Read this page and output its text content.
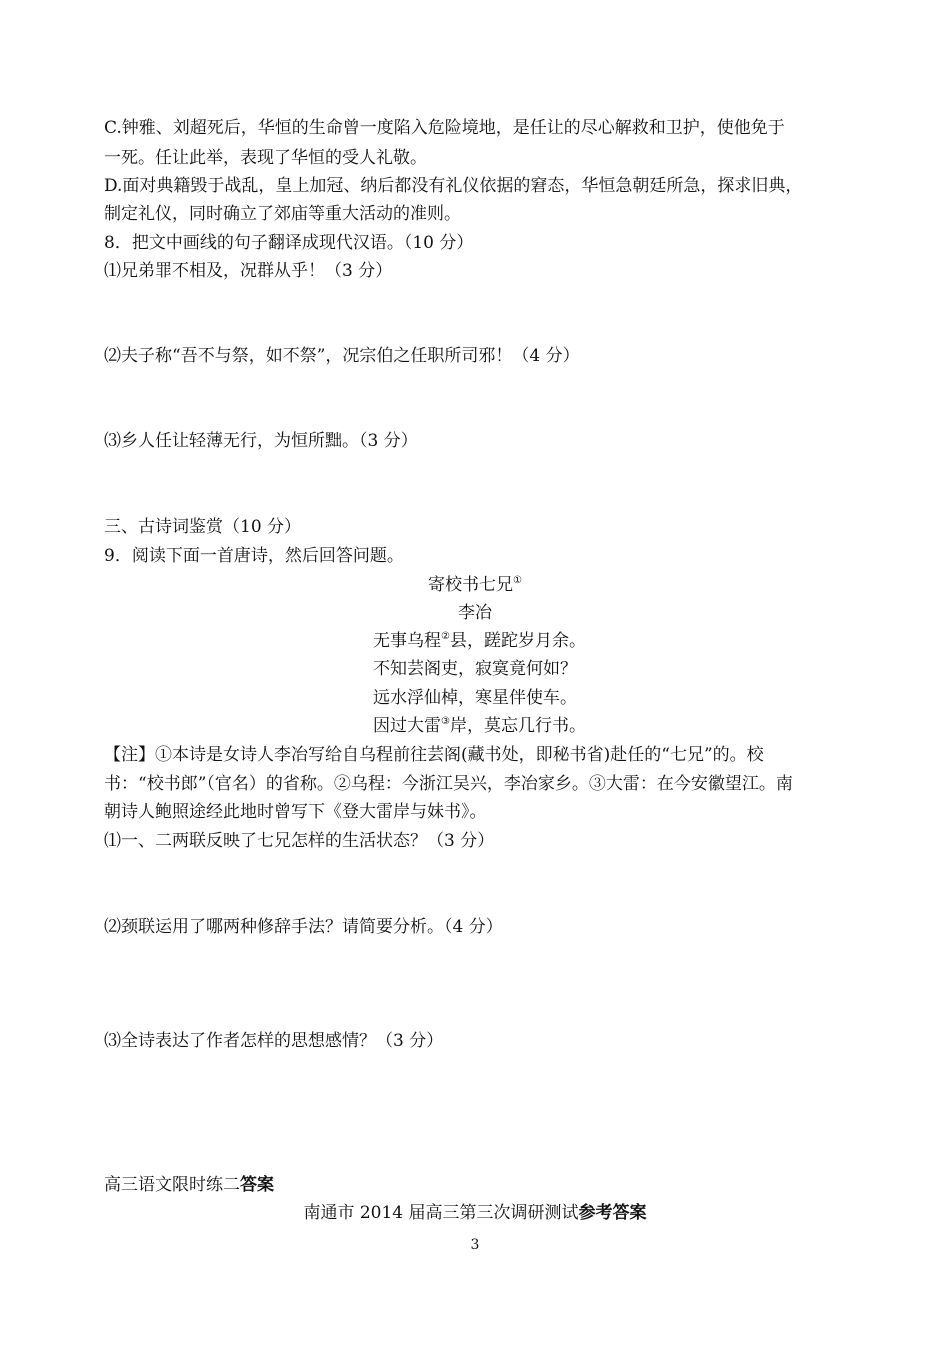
C.钟雅、刘超死后，华恒的生命曾一度陷入危险境地，是任让的尽心解救和卫护，使他免于
一死。任让此举，表现了华恒的受人礼敬。
D.面对典籍毁于战乱，皇上加冠、纳后都没有礼仪依据的窘态，华恒急朝廷所急，探求旧典，
制定礼仪，同时确立了郊庙等重大活动的准则。
8．把文中画线的句子翻译成现代汉语。（10 分）
⑴兄弟罪不相及，况群从乎！（3 分）
⑵夫子称“吾不与祭，如不祭”，况宗伯之任职所司邪！（4 分）
⑶乡人任让轻薄无行，为恒所黜。（3 分）
三、古诗词鉴赏（10 分）
9．阅读下面一首唐诗，然后回答问题。
寄校书七兄①
李冶
无事乌程②县，蹉跎岁月余。
不知芸阁吏，寂寞竟何如？
远水浮仙棹，寒星伴使车。
因过大雷③岸，莫忘几行书。
【注】①本诗是女诗人李冶写给自乌程前往芸阁(藏书处，即秘书省)赴任的“七兄”的。校
书：“校书郎”（官名）的省称。②乌程：今浙江吴兴，李冶家乡。③大雷：在今安徽望江。南
朝诗人鲍照途经此地时曾写下《登大雷岸与妹书》。
⑴一、二两联反映了七兄怎样的生活状态？（3 分）
⑵颈联运用了哪两种修辞手法？请简要分析。（4 分）
⑶全诗表达了作者怎样的思想感情？（3 分）
高三语文限时练二答案
南通市 2014 届高三第三次调研测试参考答案
3
